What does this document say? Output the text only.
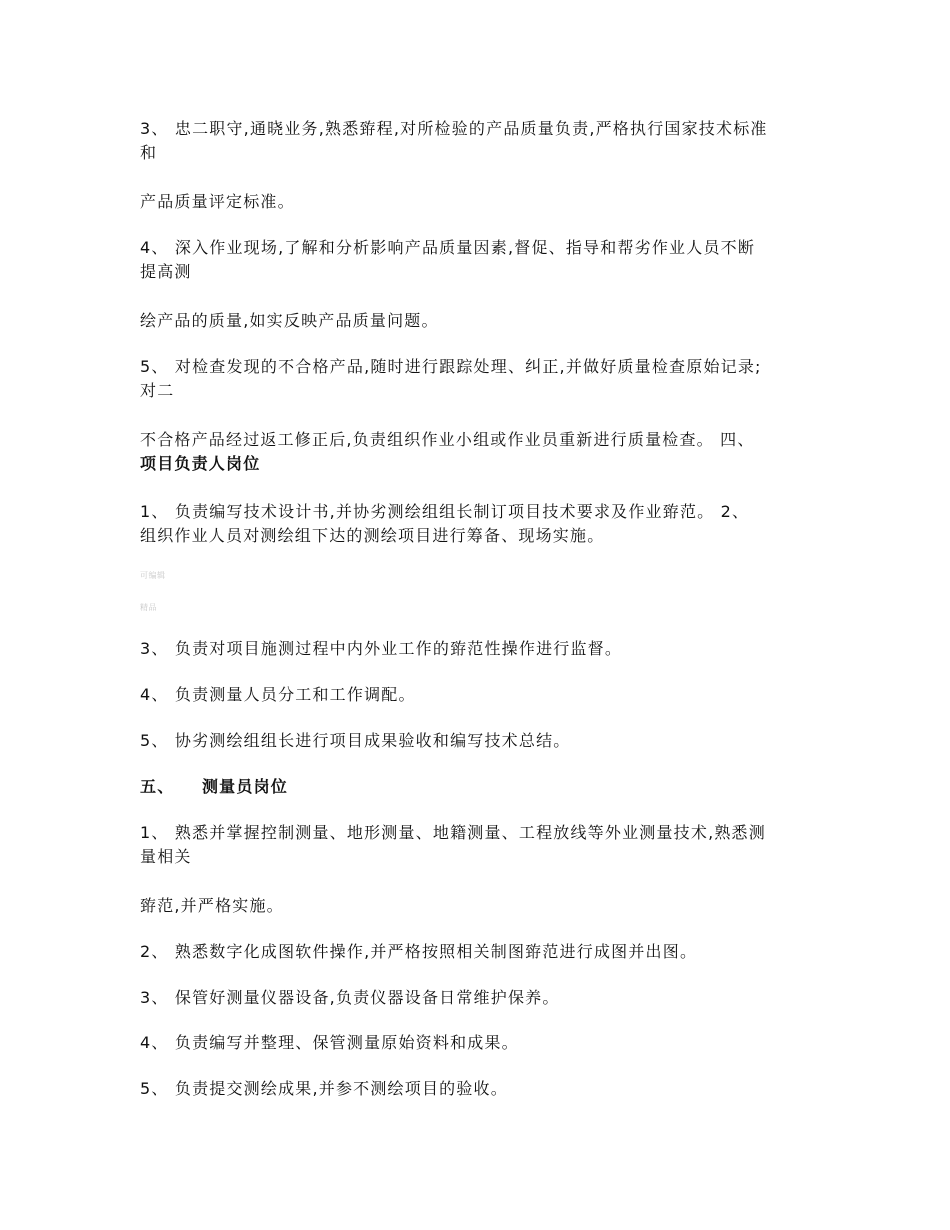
3、 忠二职守,通晓业务,熟悉臶程,对所检验的产品质量负责,严格执行国家技术标准
和

产品质量评定标准。

4、 深入作业现场,了解和分析影响产品质量因素,督促、指导和帮劣作业人员不断
提高测

绘产品的质量,如实反映产品质量问题。

5、 对检查发现的不合格产品,随时进行跟踪处理、纠正,并做好质量检查原始记录;
对二

不合格产品经过返工修正后,负责组织作业小组或作业员重新进行质量检查。 四、
项目负责人岗位

1、 负责编写技术设计书,并协劣测绘组组长制订项目技术要求及作业臶范。 2、
组织作业人员对测绘组下达的测绘项目进行筹备、现场实施。

可编辑
精品

3、 负责对项目施测过程中内外业工作的臶范性操作进行监督。

4、 负责测量人员分工和工作调配。

5、 协劣测绘组组长进行项目成果验收和编写技术总结。

五、 测量员岗位

1、 熟悉并掌握控制测量、地形测量、地籍测量、工程放线等外业测量技术,熟悉测
量相关

臶范,并严格实施。

2、 熟悉数字化成图软件操作,并严格按照相关制图臶范进行成图并出图。

3、 保管好测量仪器设备,负责仪器设备日常维护保养。

4、 负责编写并整理、保管测量原始资料和成果。

5、 负责提交测绘成果,并参不测绘项目的验收。
